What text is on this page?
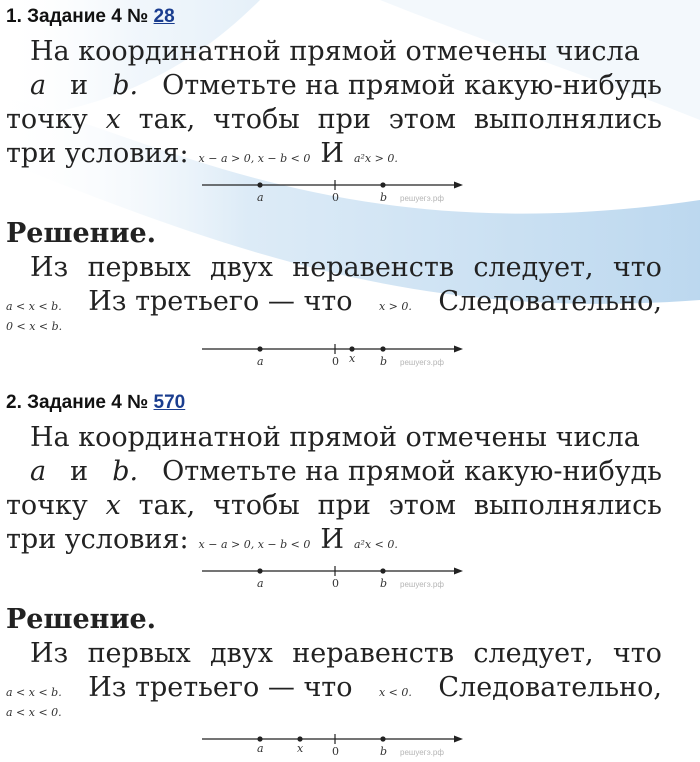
1. Задание 4 № 28
На координатной прямой отмечены числа
a и b. Отметьте на прямой какую-нибудь
точку x так, чтобы при этом выполнялись
три условия: x − a > 0, x − b < 0 И a²x > 0.
a	0	b решуегэ.рф
Решение.
Из первых двух неравенств следует, что
a < x < b. Из третьего — что x > 0. Следовательно,
0 < x < b.
a	0 x b решуегэ.рф
2. Задание 4 № 570
На координатной прямой отмечены числа
a и b. Отметьте на прямой какую-нибудь
точку x так, чтобы при этом выполнялись
три условия: x − a > 0, x − b < 0 И a²x < 0.
a	0	b решуегэ.рф
Решение.
Из первых двух неравенств следует, что
a < x < b. Из третьего — что x < 0. Следовательно,
a < x < 0.
a	x	0	b решуегэ.рф
